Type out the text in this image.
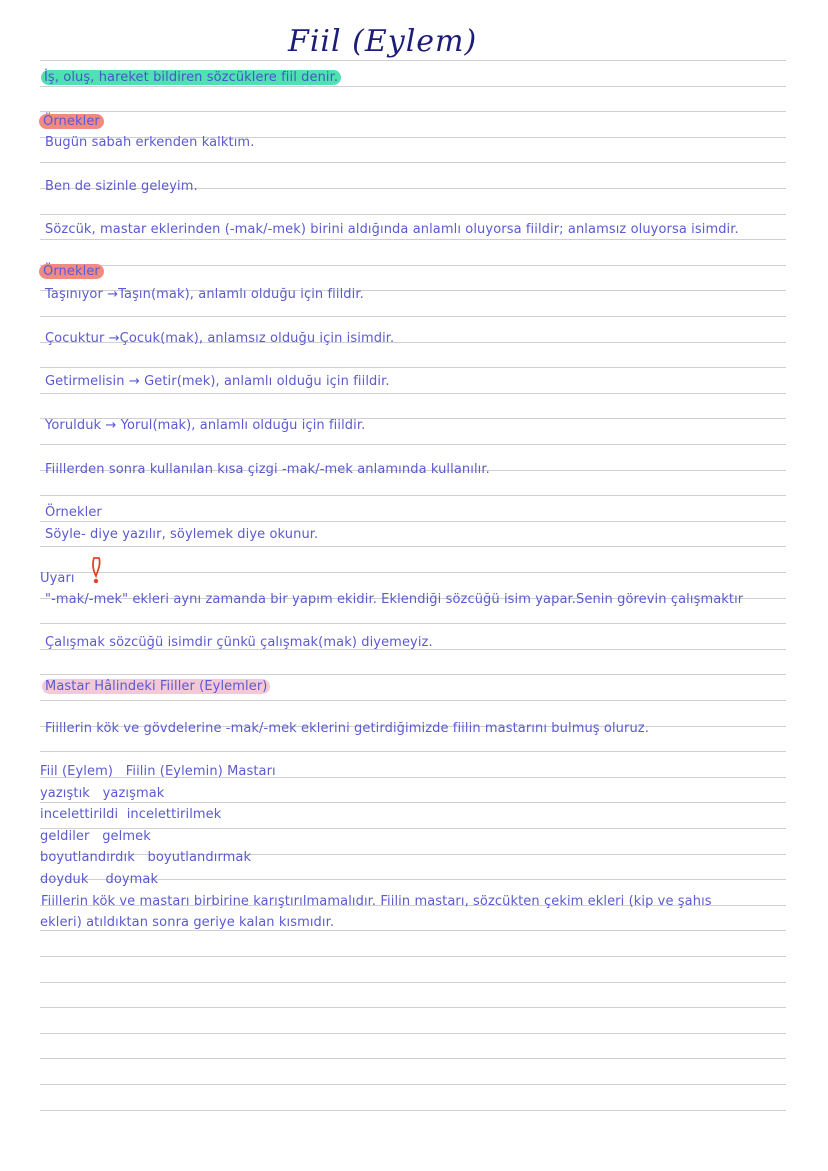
Fiil (Eylem)
İş, oluş, hareket bildiren sözcüklere fiil denir.
Örnekler
Bugün sabah erkenden kalktım.
Ben de sizinle geleyim.
Sözcük, mastar eklerinden (-mak/-mek) birini aldığında anlamlı oluyorsa fiildir; anlamsız oluyorsa isimdir.
Örnekler
Taşınıyor →Taşın(mak), anlamlı olduğu için fiildir.
Çocuktur →Çocuk(mak), anlamsız olduğu için isimdir.
Getirmelisin → Getir(mek), anlamlı olduğu için fiildir.
Yorulduk → Yorul(mak), anlamlı olduğu için fiildir.
Fiillerden sonra kullanılan kısa çizgi -mak/-mek anlamında kullanılır.
Örnekler
Söyle- diye yazılır, söylemek diye okunur.
Uyarı
"-mak/-mek" ekleri aynı zamanda bir yapım ekidir. Eklendiği sözcüğü isim yapar.Senin görevin çalışmaktır
Çalışmak sözcüğü isimdir çünkü çalışmak(mak) diyemeyiz.
Mastar Hâlindeki Fiiller (Eylemler)
Fiillerin kök ve gövdelerine -mak/-mek eklerini getirdiğimizde fiilin mastarını bulmuş oluruz.
Fiil (Eylem) Fiilin (Eylemin) Mastarı
yazıştık yazışmak
incelettirildi incelettirilmek
geldiler gelmek
boyutlandırdık boyutlandırmak
doyduk doymak
Fiillerin kök ve mastarı birbirine karıştırılmamalıdır. Fiilin mastarı, sözcükten çekim ekleri (kip ve şahıs
ekleri) atıldıktan sonra geriye kalan kısmıdır.
